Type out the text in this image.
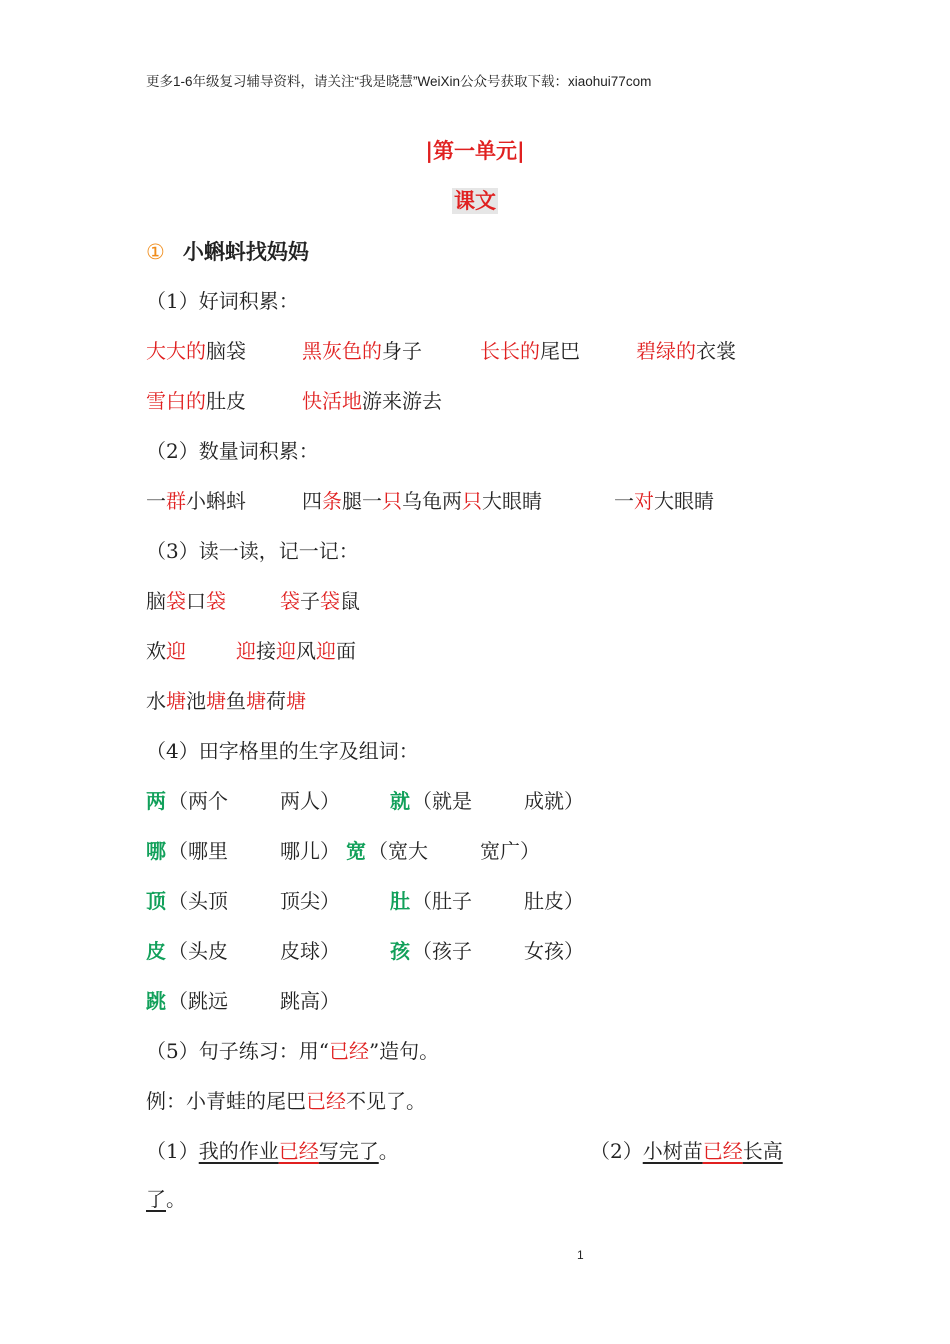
更多1-6年级复习辅导资料，请关注“我是晓慧”WeiXin公众号获取下载：xiaohui77com
|第一单元|
课文
① 小蝌蚪找妈妈
（1）好词积累：
大大的脑袋	黑灰色的身子	长长的尾巴	碧绿的衣裳
雪白的肚皮	快活地游来游去
（2）数量词积累：
一群小蝌蚪	四条腿一只乌龟两只大眼睛	一对大眼睛
（3）读一读，记一记：
脑袋口袋	袋子袋鼠
欢迎	迎接迎风迎面
水塘池塘鱼塘荷塘
（4）田字格里的生字及组词：
两 （两个	两人）	就 （就是	成就）
哪 （哪里	哪儿） 宽 （宽大	宽广）
顶 （头顶	顶尖）	肚 （肚子	肚皮）
皮 （头皮	皮球）	孩 （孩子	女孩）
跳 （跳远	跳高）
（5）句子练习：用“已经”造句。
例：小青蛙的尾巴已经不见了。
（1）我的作业已经写完了。	（2）小树苗已经长高
了。
1
